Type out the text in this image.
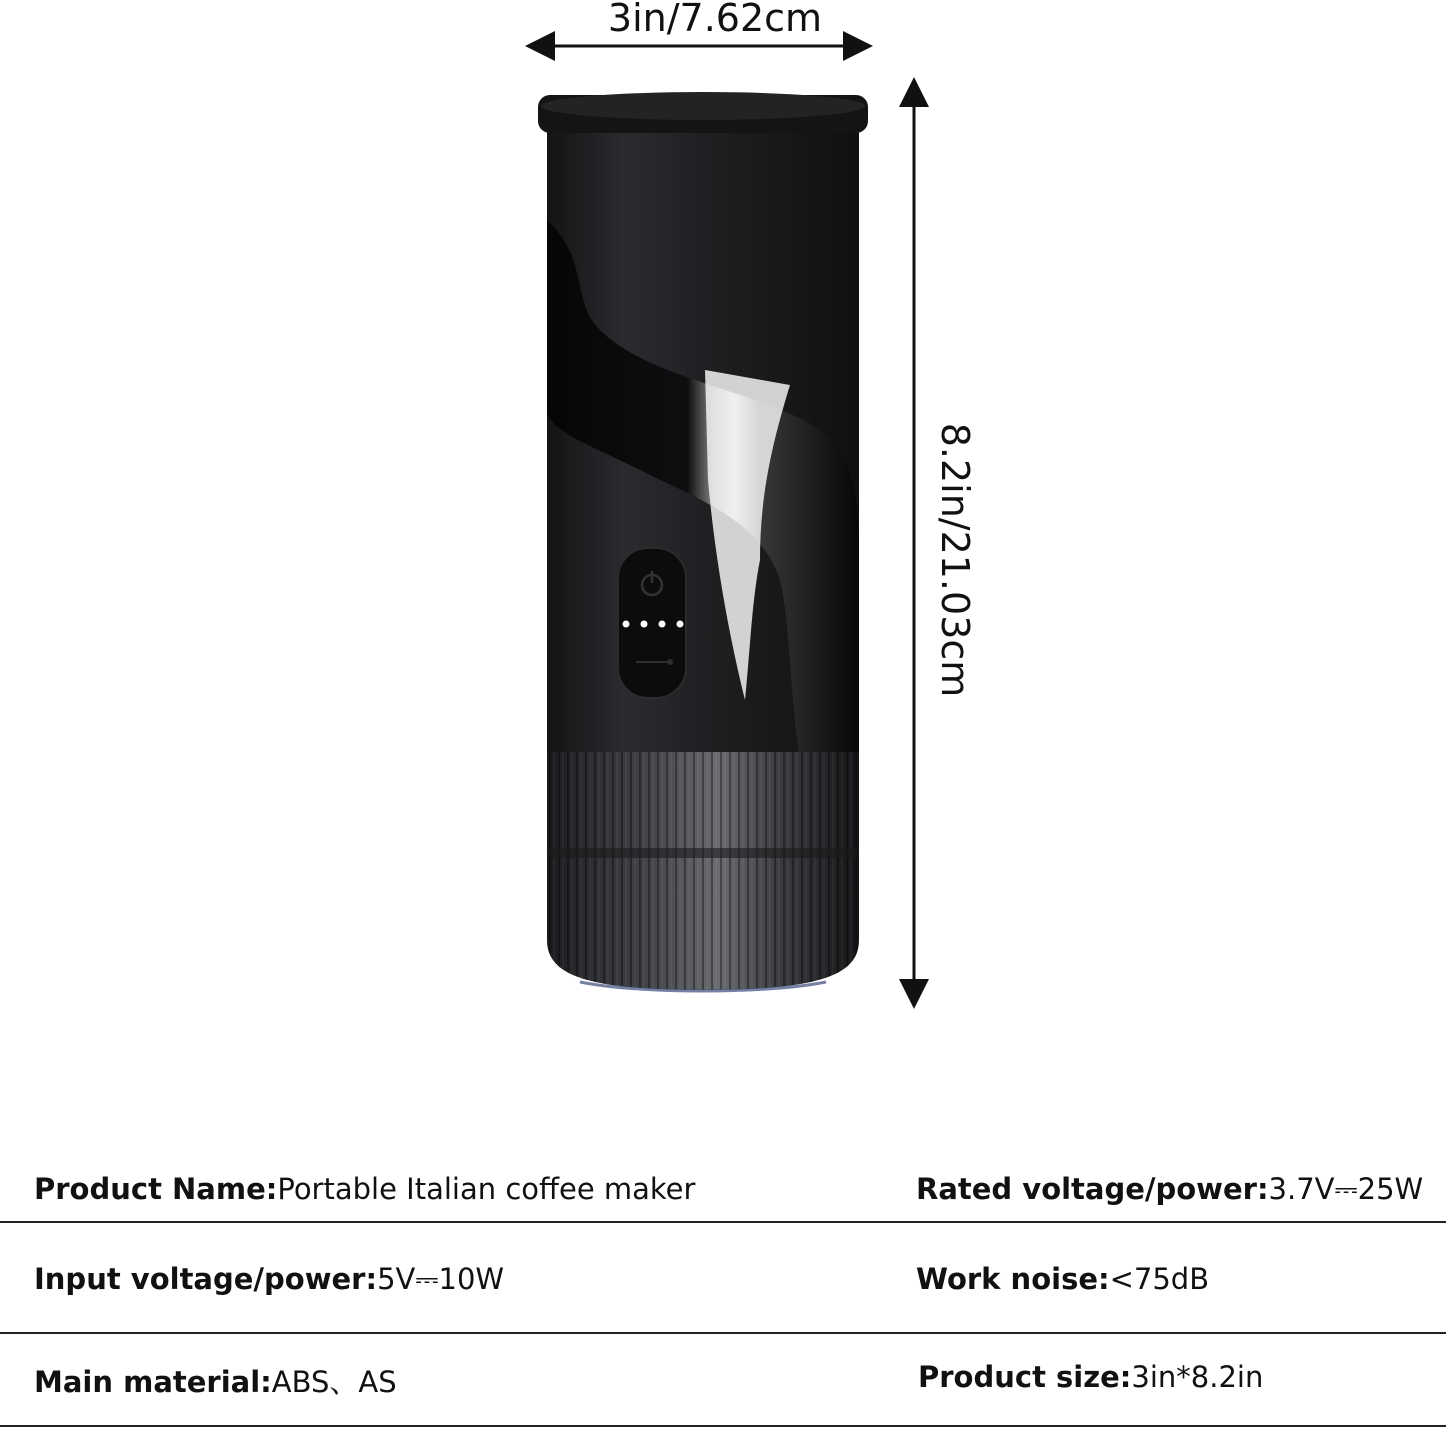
3in/7.62cm
8.2in/21.03cm
Product Name:Portable Italian coffee maker	Rated voltage/power:3.7V⎓25W
Input voltage/power:5V⎓10W	Work noise:<75dB
Main material:ABS、AS	Product size:3in*8.2in
